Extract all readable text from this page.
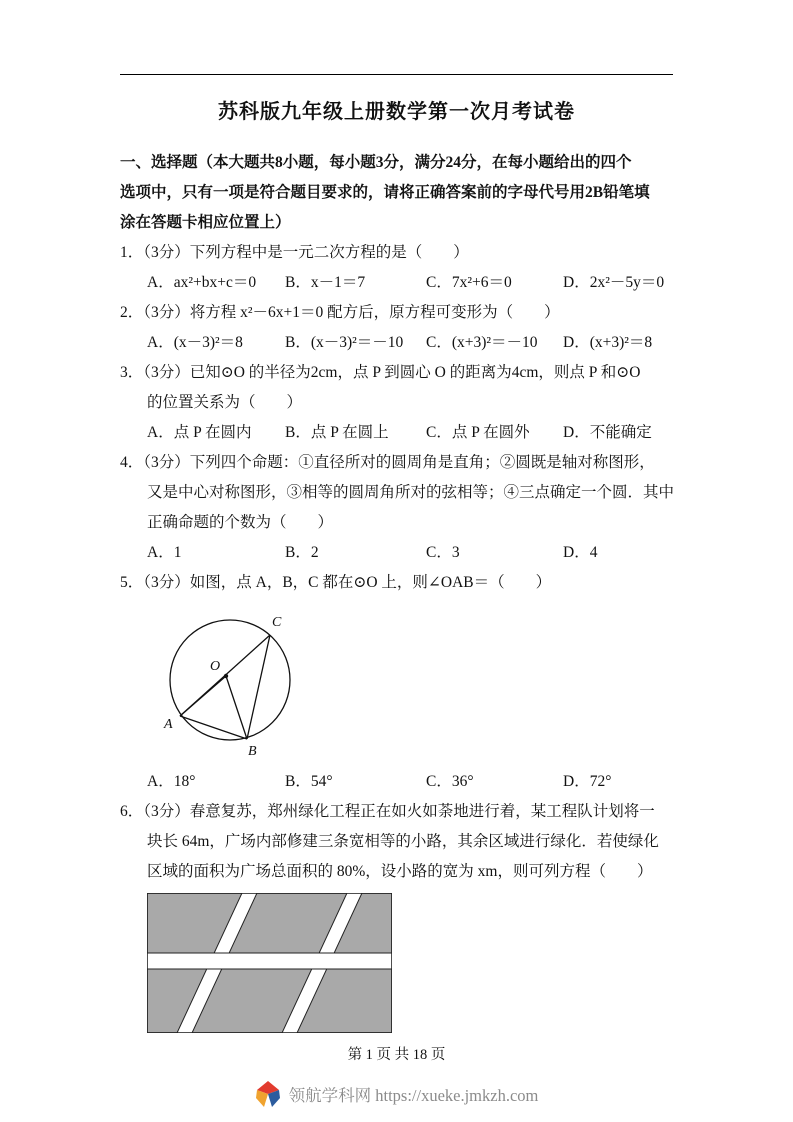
苏科版九年级上册数学第一次月考试卷

一、选择题（本大题共8小题，每小题3分，满分24分，在每小题给出的四个

选项中，只有一项是符合题目要求的，请将正确答案前的字母代号用2B铅笔填

涂在答题卡相应位置上）

1．（3分）下列方程中是一元二次方程的是（　　）

A．ax²+bx+c＝0	B．x－1＝7	C．7x²+6＝0	D．2x²－5y＝0

2．（3分）将方程 x²－6x+1＝0 配方后，原方程可变形为（　　）

A．(x－3)²＝8	B．(x－3)²＝－10	C．(x+3)²＝－10	D．(x+3)²＝8

3．（3分）已知⊙O 的半径为2cm，点 P 到圆心 O 的距离为4cm，则点 P 和⊙O

的位置关系为（　　）

A．点 P 在圆内	B．点 P 在圆上	C．点 P 在圆外	D．不能确定

4．（3分）下列四个命题：①直径所对的圆周角是直角；②圆既是轴对称图形，

又是中心对称图形，③相等的圆周角所对的弦相等；④三点确定一个圆．其中

正确命题的个数为（　　）

A．1	B．2	C．3	D．4

5．（3分）如图，点 A，B，C 都在⊙O 上，则∠OAB＝（　　）

O
A
B
C
A．18°	B．54°	C．36°	D．72°

6．（3分）春意复苏，郑州绿化工程正在如火如荼地进行着，某工程队计划将一

块长 64m，广场内部修建三条宽相等的小路，其余区域进行绿化．若使绿化

区域的面积为广场总面积的 80%，设小路的宽为 xm，则可列方程（　　）

第 1 页 共 18 页
领航学科网 https://xueke.jmkzh.com
